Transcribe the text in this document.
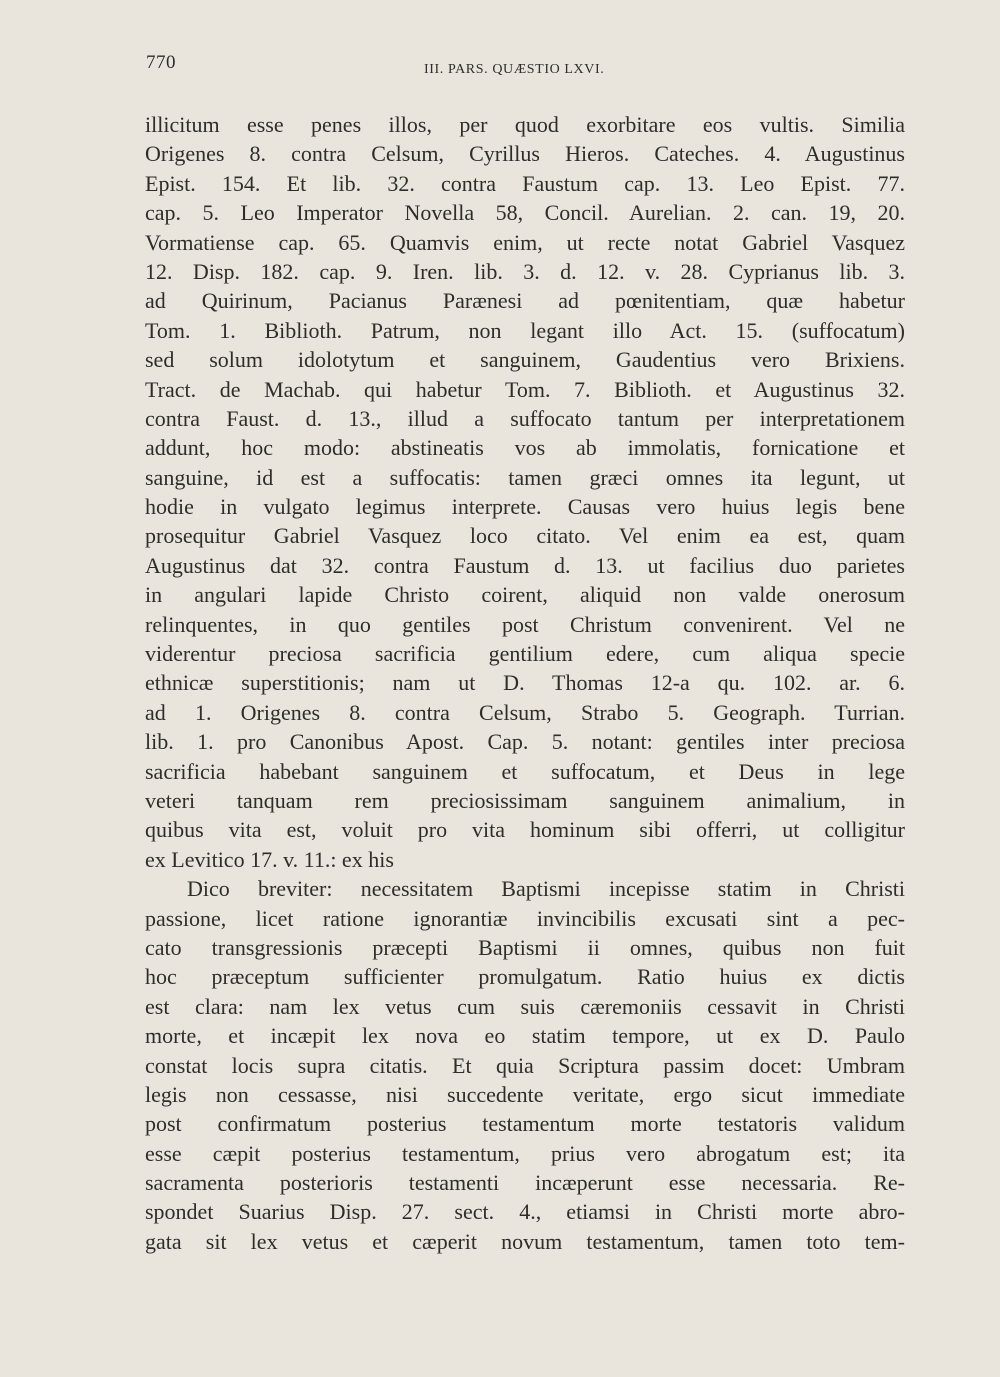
770	III. PARS. QUÆSTIO LXVI.
illicitum esse penes illos, per quod exorbitare eos vultis. Similia
Origenes 8. contra Celsum, Cyrillus Hieros. Cateches. 4. Augustinus
Epist. 154. Et lib. 32. contra Faustum cap. 13. Leo Epist. 77.
cap. 5. Leo Imperator Novella 58, Concil. Aurelian. 2. can. 19, 20.
Vormatiense cap. 65. Quamvis enim, ut recte notat Gabriel Vasquez
12. Disp. 182. cap. 9. Iren. lib. 3. d. 12. v. 28. Cyprianus lib. 3.
ad Quirinum, Pacianus Parænesi ad pœnitentiam, quæ habetur
Tom. 1. Biblioth. Patrum, non legant illo Act. 15. (suffocatum)
sed solum idolotytum et sanguinem, Gaudentius vero Brixiens.
Tract. de Machab. qui habetur Tom. 7. Biblioth. et Augustinus 32.
contra Faust. d. 13., illud a suffocato tantum per interpretationem
addunt, hoc modo: abstineatis vos ab immolatis, fornicatione et
sanguine, id est a suffocatis: tamen græci omnes ita legunt, ut
hodie in vulgato legimus interprete. Causas vero huius legis bene
prosequitur Gabriel Vasquez loco citato. Vel enim ea est, quam
Augustinus dat 32. contra Faustum d. 13. ut facilius duo parietes
in angulari lapide Christo coirent, aliquid non valde onerosum
relinquentes, in quo gentiles post Christum convenirent. Vel ne
viderentur preciosa sacrificia gentilium edere, cum aliqua specie
ethnicæ superstitionis; nam ut D. Thomas 12-a qu. 102. ar. 6.
ad 1. Origenes 8. contra Celsum, Strabo 5. Geograph. Turrian.
lib. 1. pro Canonibus Apost. Cap. 5. notant: gentiles inter preciosa
sacrificia habebant sanguinem et suffocatum, et Deus in lege
veteri tanquam rem preciosissimam sanguinem animalium, in
quibus vita est, voluit pro vita hominum sibi offerri, ut colligitur
ex Levitico 17. v. 11.: ex his
Dico breviter: necessitatem Baptismi incepisse statim in Christi
passione, licet ratione ignorantiæ invincibilis excusati sint a pec-
cato transgressionis præcepti Baptismi ii omnes, quibus non fuit
hoc præceptum sufficienter promulgatum. Ratio huius ex dictis
est clara: nam lex vetus cum suis cæremoniis cessavit in Christi
morte, et incæpit lex nova eo statim tempore, ut ex D. Paulo
constat locis supra citatis. Et quia Scriptura passim docet: Umbram
legis non cessasse, nisi succedente veritate, ergo sicut immediate
post confirmatum posterius testamentum morte testatoris validum
esse cæpit posterius testamentum, prius vero abrogatum est; ita
sacramenta posterioris testamenti incæperunt esse necessaria. Re-
spondet Suarius Disp. 27. sect. 4., etiamsi in Christi morte abro-
gata sit lex vetus et cæperit novum testamentum, tamen toto tem-
